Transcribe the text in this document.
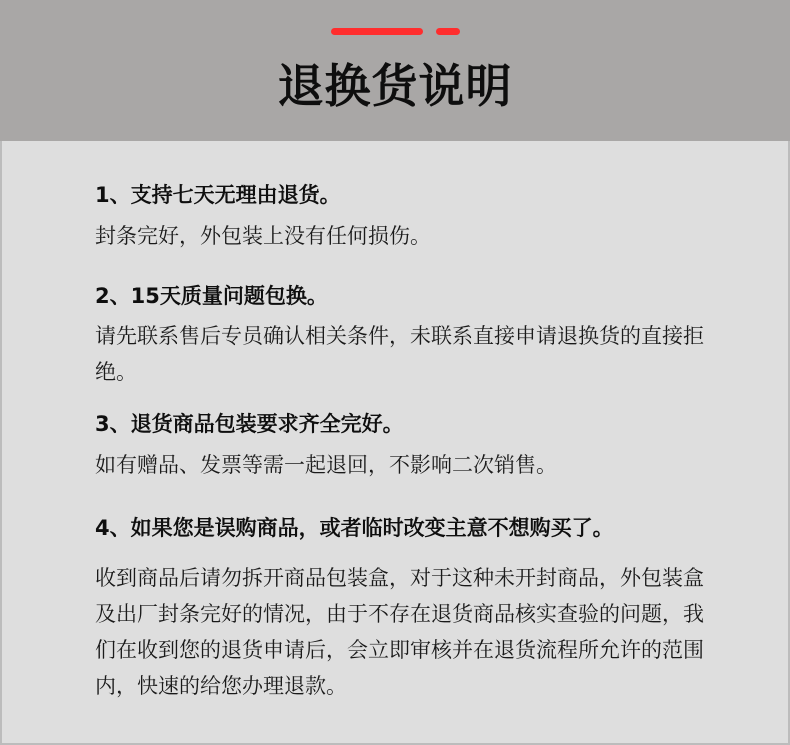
退换货说明
1、支持七天无理由退货。
封条完好，外包装上没有任何损伤。
2、15天质量问题包换。
请先联系售后专员确认相关条件，未联系直接申请退换货的直接拒绝。
3、退货商品包装要求齐全完好。
如有赠品、发票等需一起退回，不影响二次销售。
4、如果您是误购商品，或者临时改变主意不想购买了。
收到商品后请勿拆开商品包装盒，对于这种未开封商品，外包装盒及出厂封条完好的情况，由于不存在退货商品核实查验的问题，我们在收到您的退货申请后，会立即审核并在退货流程所允许的范围内，快速的给您办理退款。
